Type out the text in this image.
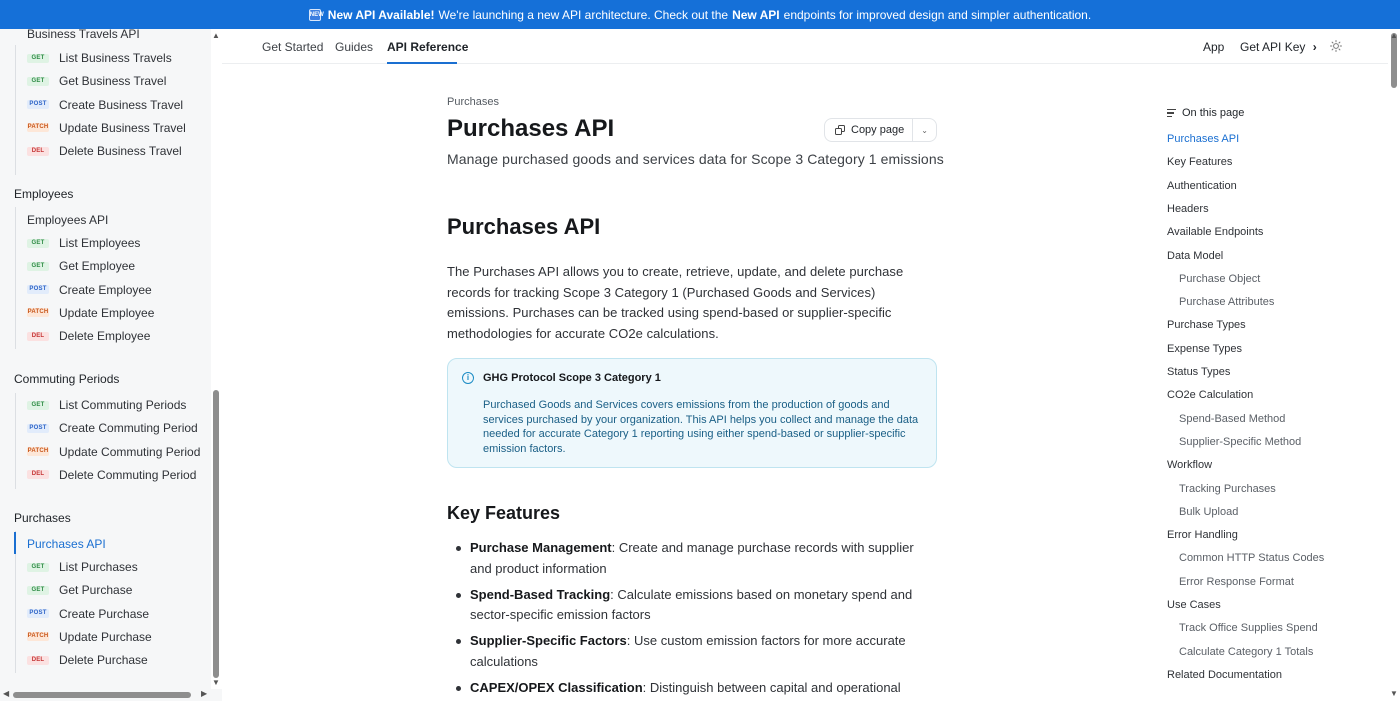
NEW New API Available! We're launching a new API architecture. Check out the New API endpoints for improved design and simpler authentication.
Business Travels API
GET	List Business Travels
GET	Get Business Travel
POST Create Business Travel
PATCH Update Business Travel
DEL	Delete Business Travel
Employees
Employees API
GET	List Employees
GET	Get Employee
POST Create Employee
PATCH Update Employee
DEL	Delete Employee
Commuting Periods
GET	List Commuting Periods
POST Create Commuting Period
PATCH Update Commuting Period
DEL	Delete Commuting Period
Purchases
Purchases API
GET	List Purchases
GET	Get Purchase
POST Create Purchase
PATCH Update Purchase
DEL	Delete Purchase
▲
▼
◀	▶
Get Started Guides API Reference	App Get API Key ›
▲
▼
Purchases
Purchases API	Copy page	⌄
Manage purchased goods and services data for Scope 3 Category 1 emissions
Purchases API
The Purchases API allows you to create, retrieve, update, and delete purchase records for tracking Scope 3 Category 1 (Purchased Goods and Services) emissions. Purchases can be tracked using spend-based or supplier-specific methodologies for accurate CO2e calculations.
i	GHG Protocol Scope 3 Category 1
Purchased Goods and Services covers emissions from the production of goods and services purchased by your organization. This API helps you collect and manage the data needed for accurate Category 1 reporting using either spend-based or supplier-specific emission factors.
Key Features
Purchase Management: Create and manage purchase records with supplier and product information
Spend-Based Tracking: Calculate emissions based on monetary spend and sector-specific emission factors
Supplier-Specific Factors: Use custom emission factors for more accurate calculations
CAPEX/OPEX Classification: Distinguish between capital and operational
On this page
Purchases API
Key Features
Authentication
Headers
Available Endpoints
Data Model
Purchase Object
Purchase Attributes
Purchase Types
Expense Types
Status Types
CO2e Calculation
Spend-Based Method
Supplier-Specific Method
Workflow
Tracking Purchases
Bulk Upload
Error Handling
Common HTTP Status Codes
Error Response Format
Use Cases
Track Office Supplies Spend
Calculate Category 1 Totals
Related Documentation
